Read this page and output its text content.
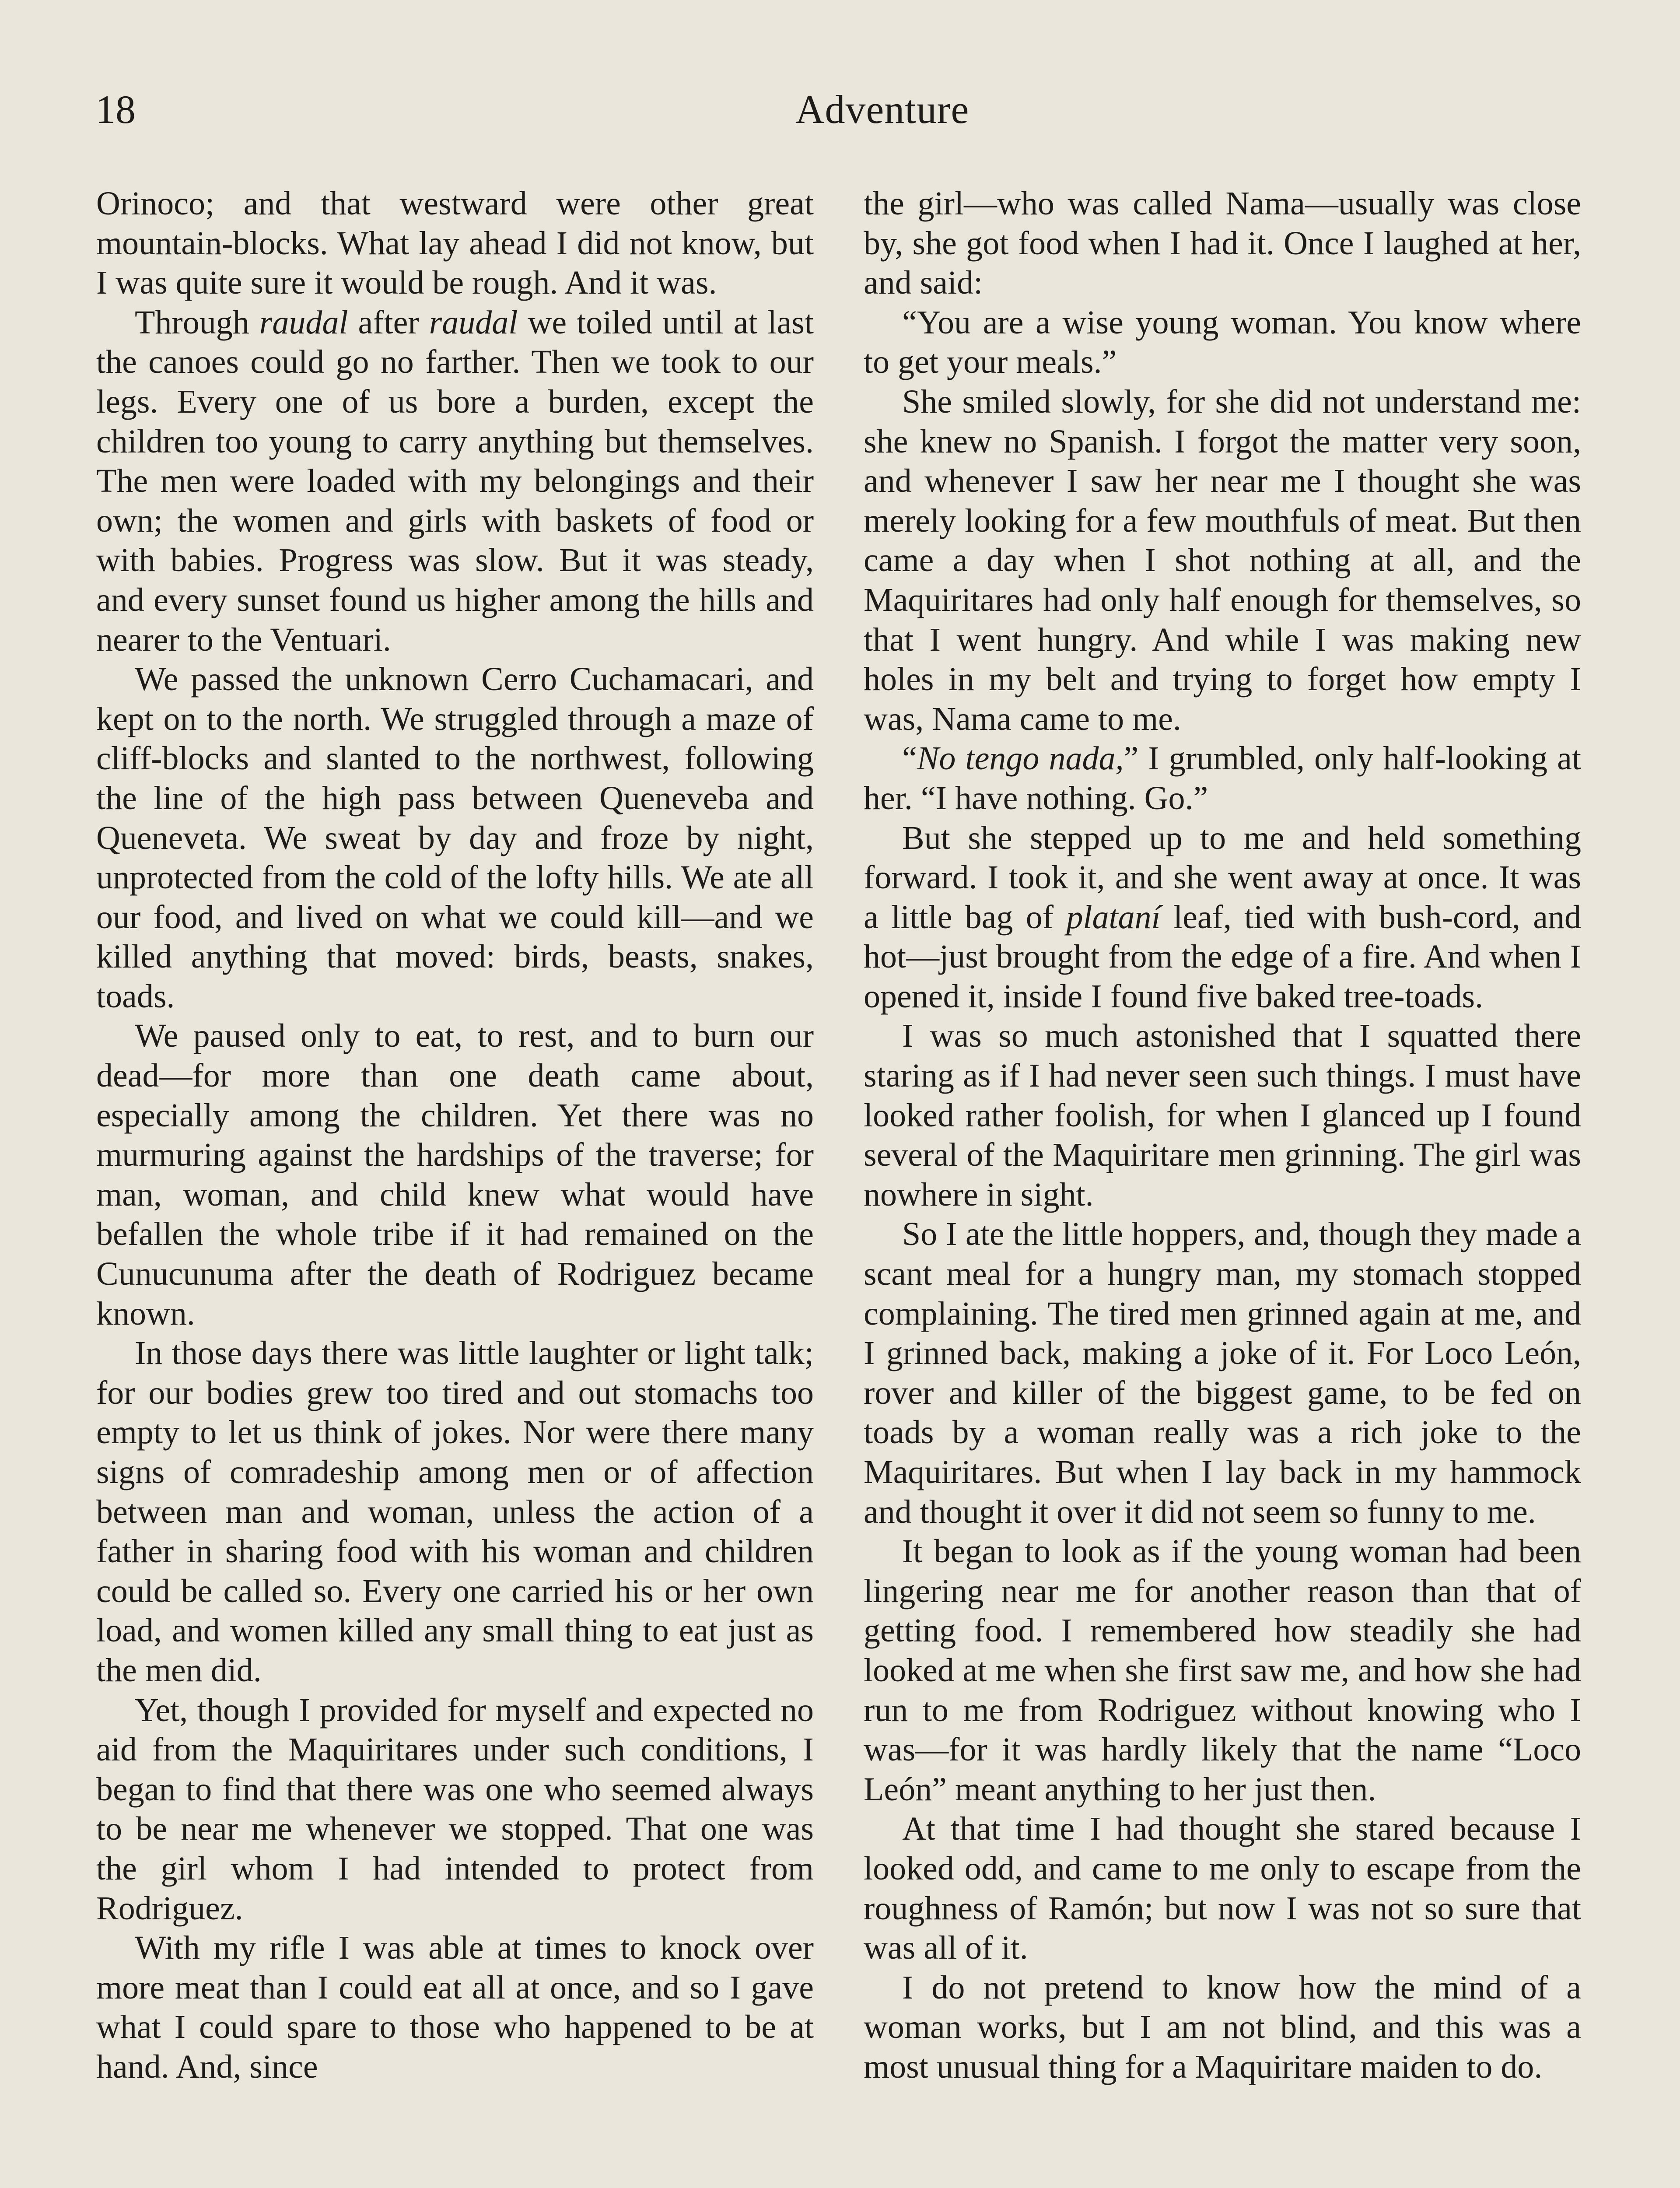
18	Adventure

Orinoco; and that westward were other great mountain-blocks. What lay ahead I did not know, but I was quite sure it would be rough. And it was.

Through raudal after raudal we toiled until at last the canoes could go no farther. Then we took to our legs. Every one of us bore a burden, except the children too young to carry anything but themselves. The men were loaded with my belongings and their own; the women and girls with baskets of food or with babies. Progress was slow. But it was steady, and every sunset found us higher among the hills and nearer to the Ventuari.

We passed the unknown Cerro Cuchamacari, and kept on to the north. We struggled through a maze of cliff-blocks and slanted to the northwest, following the line of the high pass between Queneveba and Queneveta. We sweat by day and froze by night, unprotected from the cold of the lofty hills. We ate all our food, and lived on what we could kill—and we killed anything that moved: birds, beasts, snakes, toads.

We paused only to eat, to rest, and to burn our dead—for more than one death came about, especially among the children. Yet there was no murmuring against the hardships of the traverse; for man, woman, and child knew what would have befallen the whole tribe if it had remained on the Cunucunuma after the death of Rodriguez became known.

In those days there was little laughter or light talk; for our bodies grew too tired and out stomachs too empty to let us think of jokes. Nor were there many signs of comradeship among men or of affection between man and woman, unless the action of a father in sharing food with his woman and children could be called so. Every one carried his or her own load, and women killed any small thing to eat just as the men did.

Yet, though I provided for myself and expected no aid from the Maquiritares under such conditions, I began to find that there was one who seemed always to be near me whenever we stopped. That one was the girl whom I had intended to protect from Rodriguez.

With my rifle I was able at times to knock over more meat than I could eat all at once, and so I gave what I could spare to those who happened to be at hand. And, since

the girl—who was called Nama—usually was close by, she got food when I had it. Once I laughed at her, and said:

“You are a wise young woman. You know where to get your meals.”

She smiled slowly, for she did not understand me: she knew no Spanish. I forgot the matter very soon, and whenever I saw her near me I thought she was merely looking for a few mouthfuls of meat. But then came a day when I shot nothing at all, and the Maquiritares had only half enough for themselves, so that I went hungry. And while I was making new holes in my belt and trying to forget how empty I was, Nama came to me.

“No tengo nada,” I grumbled, only half-looking at her. “I have nothing. Go.”

But she stepped up to me and held something forward. I took it, and she went away at once. It was a little bag of plataní leaf, tied with bush-cord, and hot—just brought from the edge of a fire. And when I opened it, inside I found five baked tree-toads.

I was so much astonished that I squatted there staring as if I had never seen such things. I must have looked rather foolish, for when I glanced up I found several of the Maquiritare men grinning. The girl was nowhere in sight.

So I ate the little hoppers, and, though they made a scant meal for a hungry man, my stomach stopped complaining. The tired men grinned again at me, and I grinned back, making a joke of it. For Loco León, rover and killer of the biggest game, to be fed on toads by a woman really was a rich joke to the Maquiritares. But when I lay back in my hammock and thought it over it did not seem so funny to me.

It began to look as if the young woman had been lingering near me for another reason than that of getting food. I remembered how steadily she had looked at me when she first saw me, and how she had run to me from Rodriguez without knowing who I was—for it was hardly likely that the name “Loco León” meant anything to her just then.

At that time I had thought she stared because I looked odd, and came to me only to escape from the roughness of Ramón; but now I was not so sure that was all of it.

I do not pretend to know how the mind of a woman works, but I am not blind, and this was a most unusual thing for a Maquiritare maiden to do.
